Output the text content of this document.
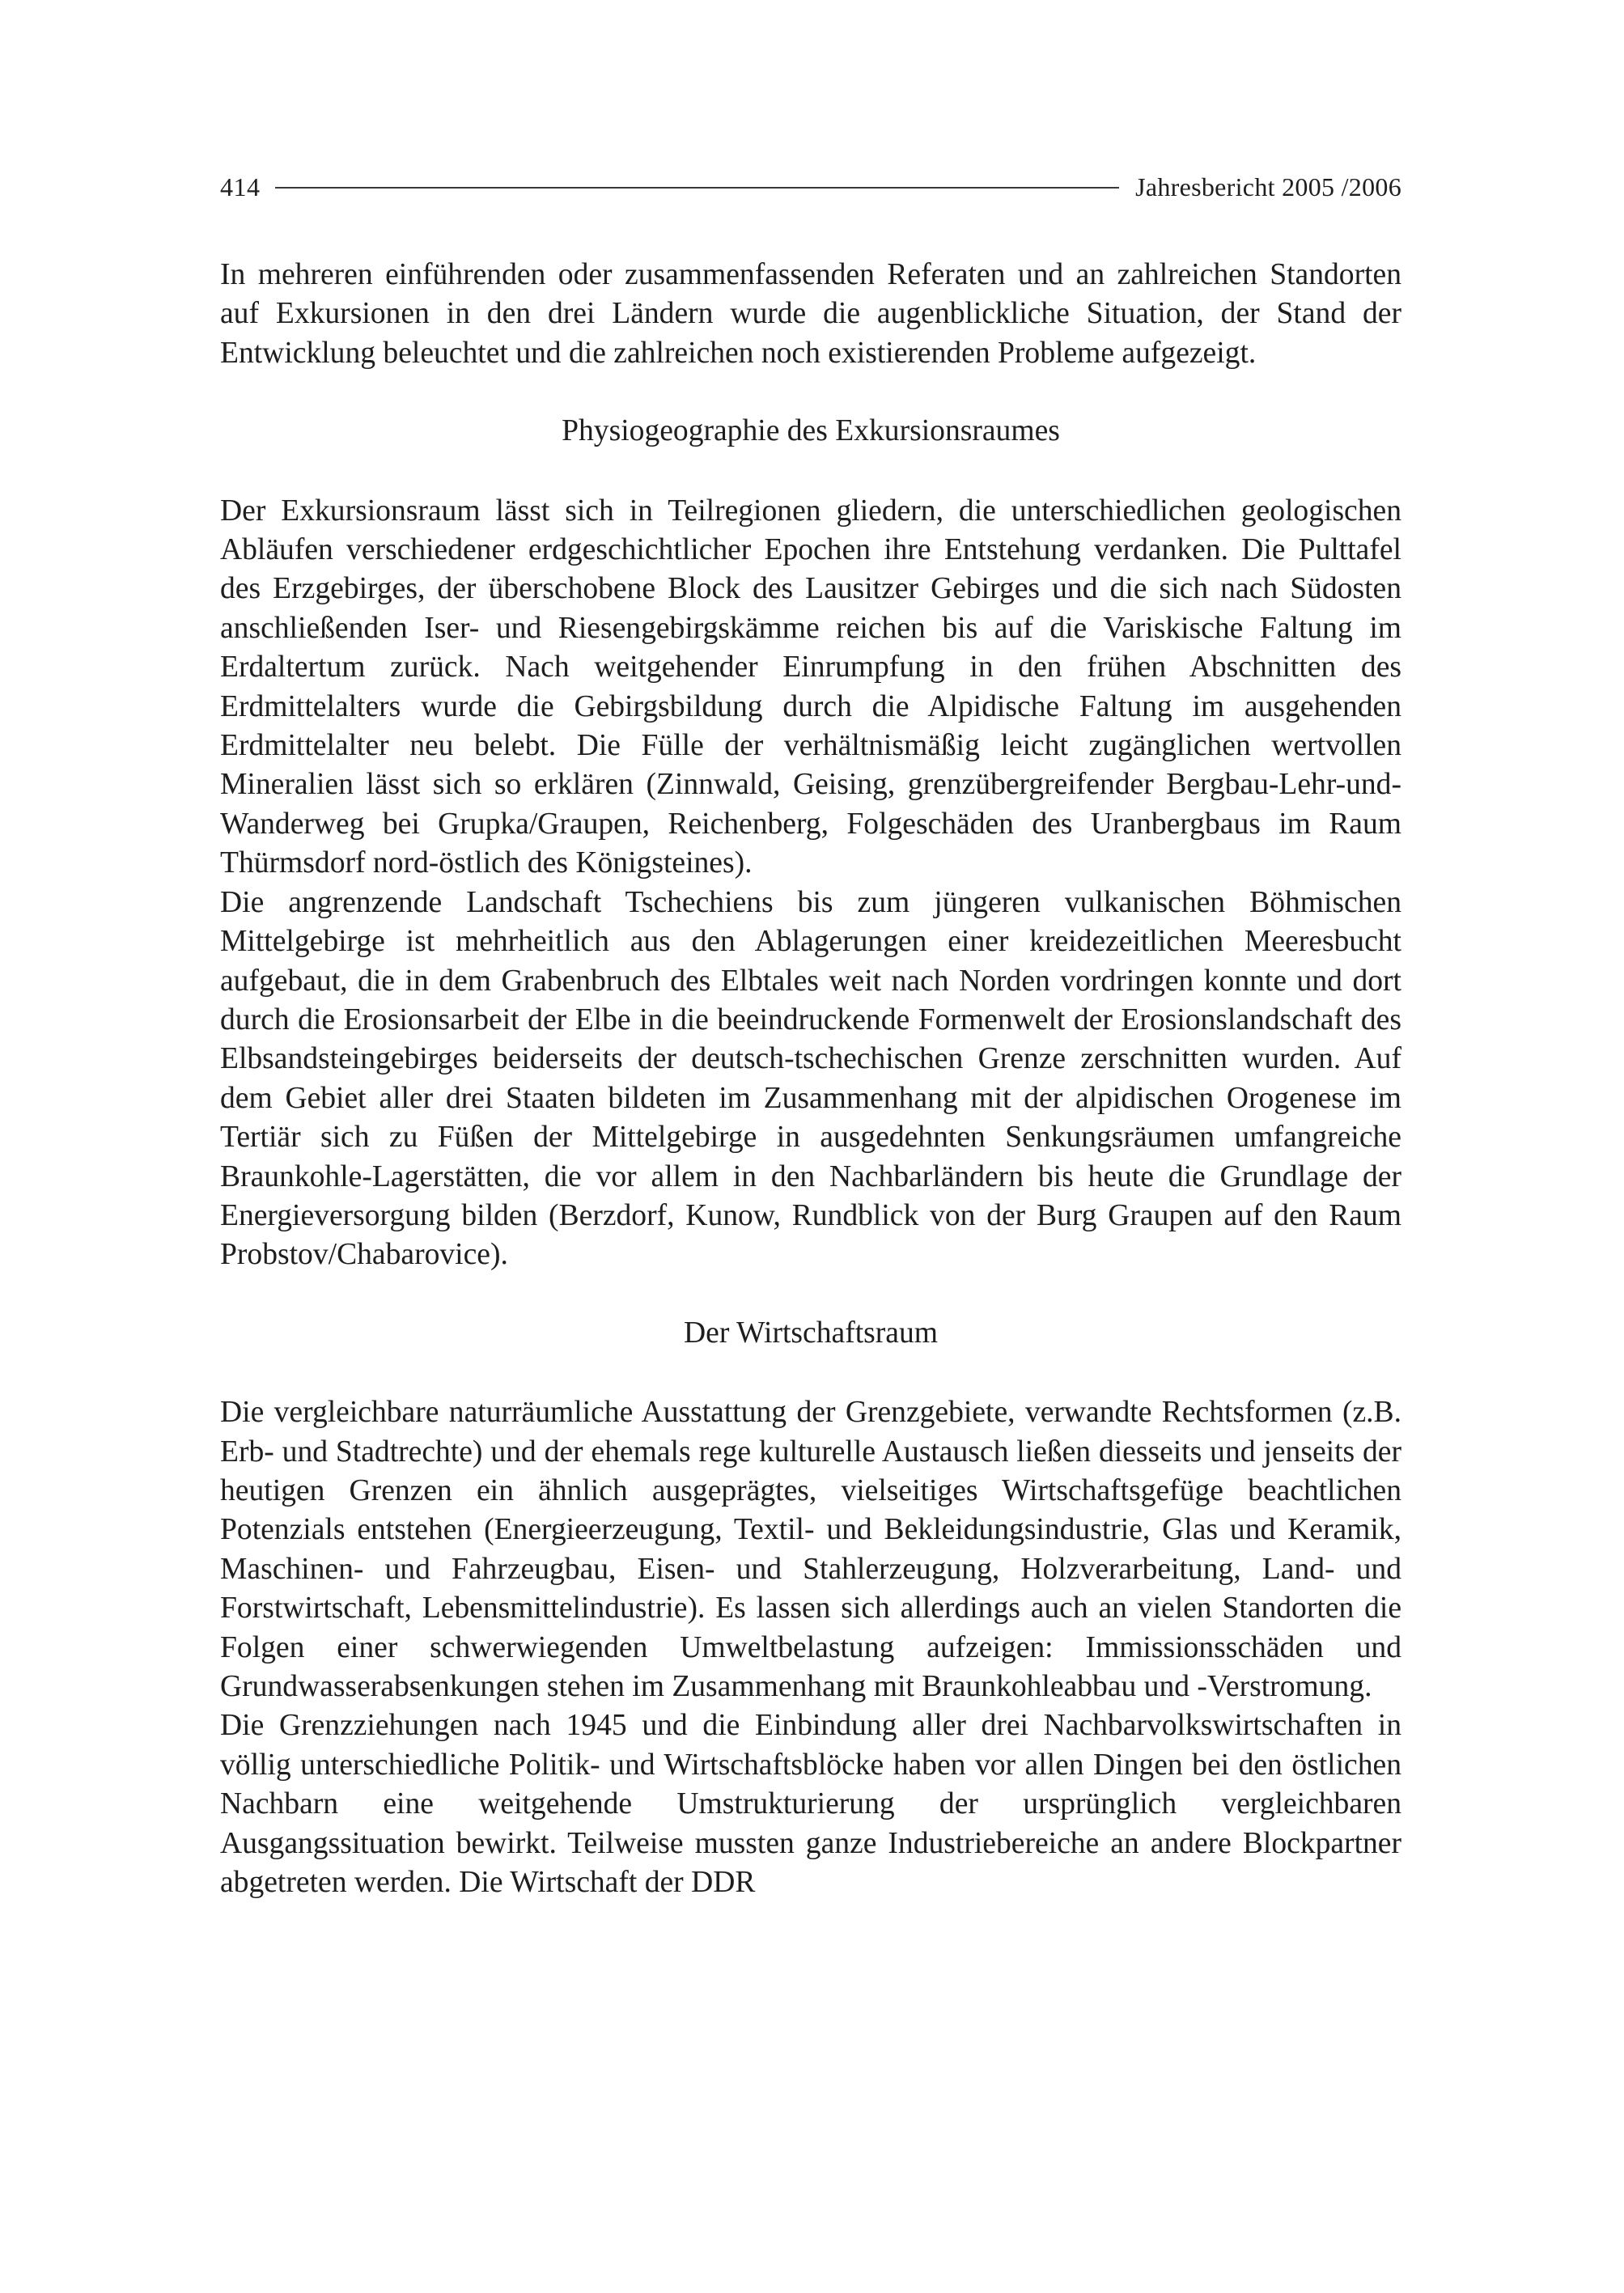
414	Jahresbericht 2005 /2006

In mehreren einführenden oder zusammenfassenden Referaten und an zahlreichen Standorten auf Exkursionen in den drei Ländern wurde die augenblickliche Situation, der Stand der Entwicklung beleuchtet und die zahlreichen noch existierenden Probleme aufgezeigt.

Physiogeographie des Exkursionsraumes

Der Exkursionsraum lässt sich in Teilregionen gliedern, die unterschiedlichen geologischen Abläufen verschiedener erdgeschichtlicher Epochen ihre Entstehung verdanken. Die Pulttafel des Erzgebirges, der überschobene Block des Lausitzer Gebirges und die sich nach Südosten anschließenden Iser- und Riesengebirgskämme reichen bis auf die Variskische Faltung im Erdaltertum zurück. Nach weitgehender Einrumpfung in den frühen Abschnitten des Erdmittelalters wurde die Gebirgsbildung durch die Alpidische Faltung im ausgehenden Erdmittelalter neu belebt. Die Fülle der verhältnismäßig leicht zugänglichen wertvollen Mineralien lässt sich so erklären (Zinnwald, Geising, grenzübergreifender Bergbau-Lehr-und-Wanderweg bei Grupka/Graupen, Reichenberg, Folgeschäden des Uranbergbaus im Raum Thürmsdorf nord-östlich des Königsteines).

Die angrenzende Landschaft Tschechiens bis zum jüngeren vulkanischen Böhmischen Mittelgebirge ist mehrheitlich aus den Ablagerungen einer kreidezeitlichen Meeresbucht aufgebaut, die in dem Grabenbruch des Elbtales weit nach Norden vordringen konnte und dort durch die Erosionsarbeit der Elbe in die beeindruckende Formenwelt der Erosionslandschaft des Elbsandsteingebirges beiderseits der deutsch-tschechischen Grenze zerschnitten wurden. Auf dem Gebiet aller drei Staaten bildeten im Zusammenhang mit der alpidischen Orogenese im Tertiär sich zu Füßen der Mittelgebirge in ausgedehnten Senkungsräumen umfangreiche Braunkohle-Lagerstätten, die vor allem in den Nachbarländern bis heute die Grundlage der Energieversorgung bilden (Berzdorf, Kunow, Rundblick von der Burg Graupen auf den Raum Probstov/Chabarovice).

Der Wirtschaftsraum

Die vergleichbare naturräumliche Ausstattung der Grenzgebiete, verwandte Rechtsformen (z.B. Erb- und Stadtrechte) und der ehemals rege kulturelle Austausch ließen diesseits und jenseits der heutigen Grenzen ein ähnlich ausgeprägtes, vielseitiges Wirtschaftsgefüge beachtlichen Potenzials entstehen (Energieerzeugung, Textil- und Bekleidungsindustrie, Glas und Keramik, Maschinen- und Fahrzeugbau, Eisen- und Stahlerzeugung, Holzverarbeitung, Land- und Forstwirtschaft, Lebensmittelindustrie). Es lassen sich allerdings auch an vielen Standorten die Folgen einer schwerwiegenden Umweltbelastung aufzeigen: Immissionsschäden und Grundwasserabsenkungen stehen im Zusammenhang mit Braunkohleabbau und -Verstromung.

Die Grenzziehungen nach 1945 und die Einbindung aller drei Nachbarvolkswirtschaften in völlig unterschiedliche Politik- und Wirtschaftsblöcke haben vor allen Dingen bei den östlichen Nachbarn eine weitgehende Umstrukturierung der ursprünglich vergleichbaren Ausgangssituation bewirkt. Teilweise mussten ganze Industriebereiche an andere Blockpartner abgetreten werden. Die Wirtschaft der DDR
